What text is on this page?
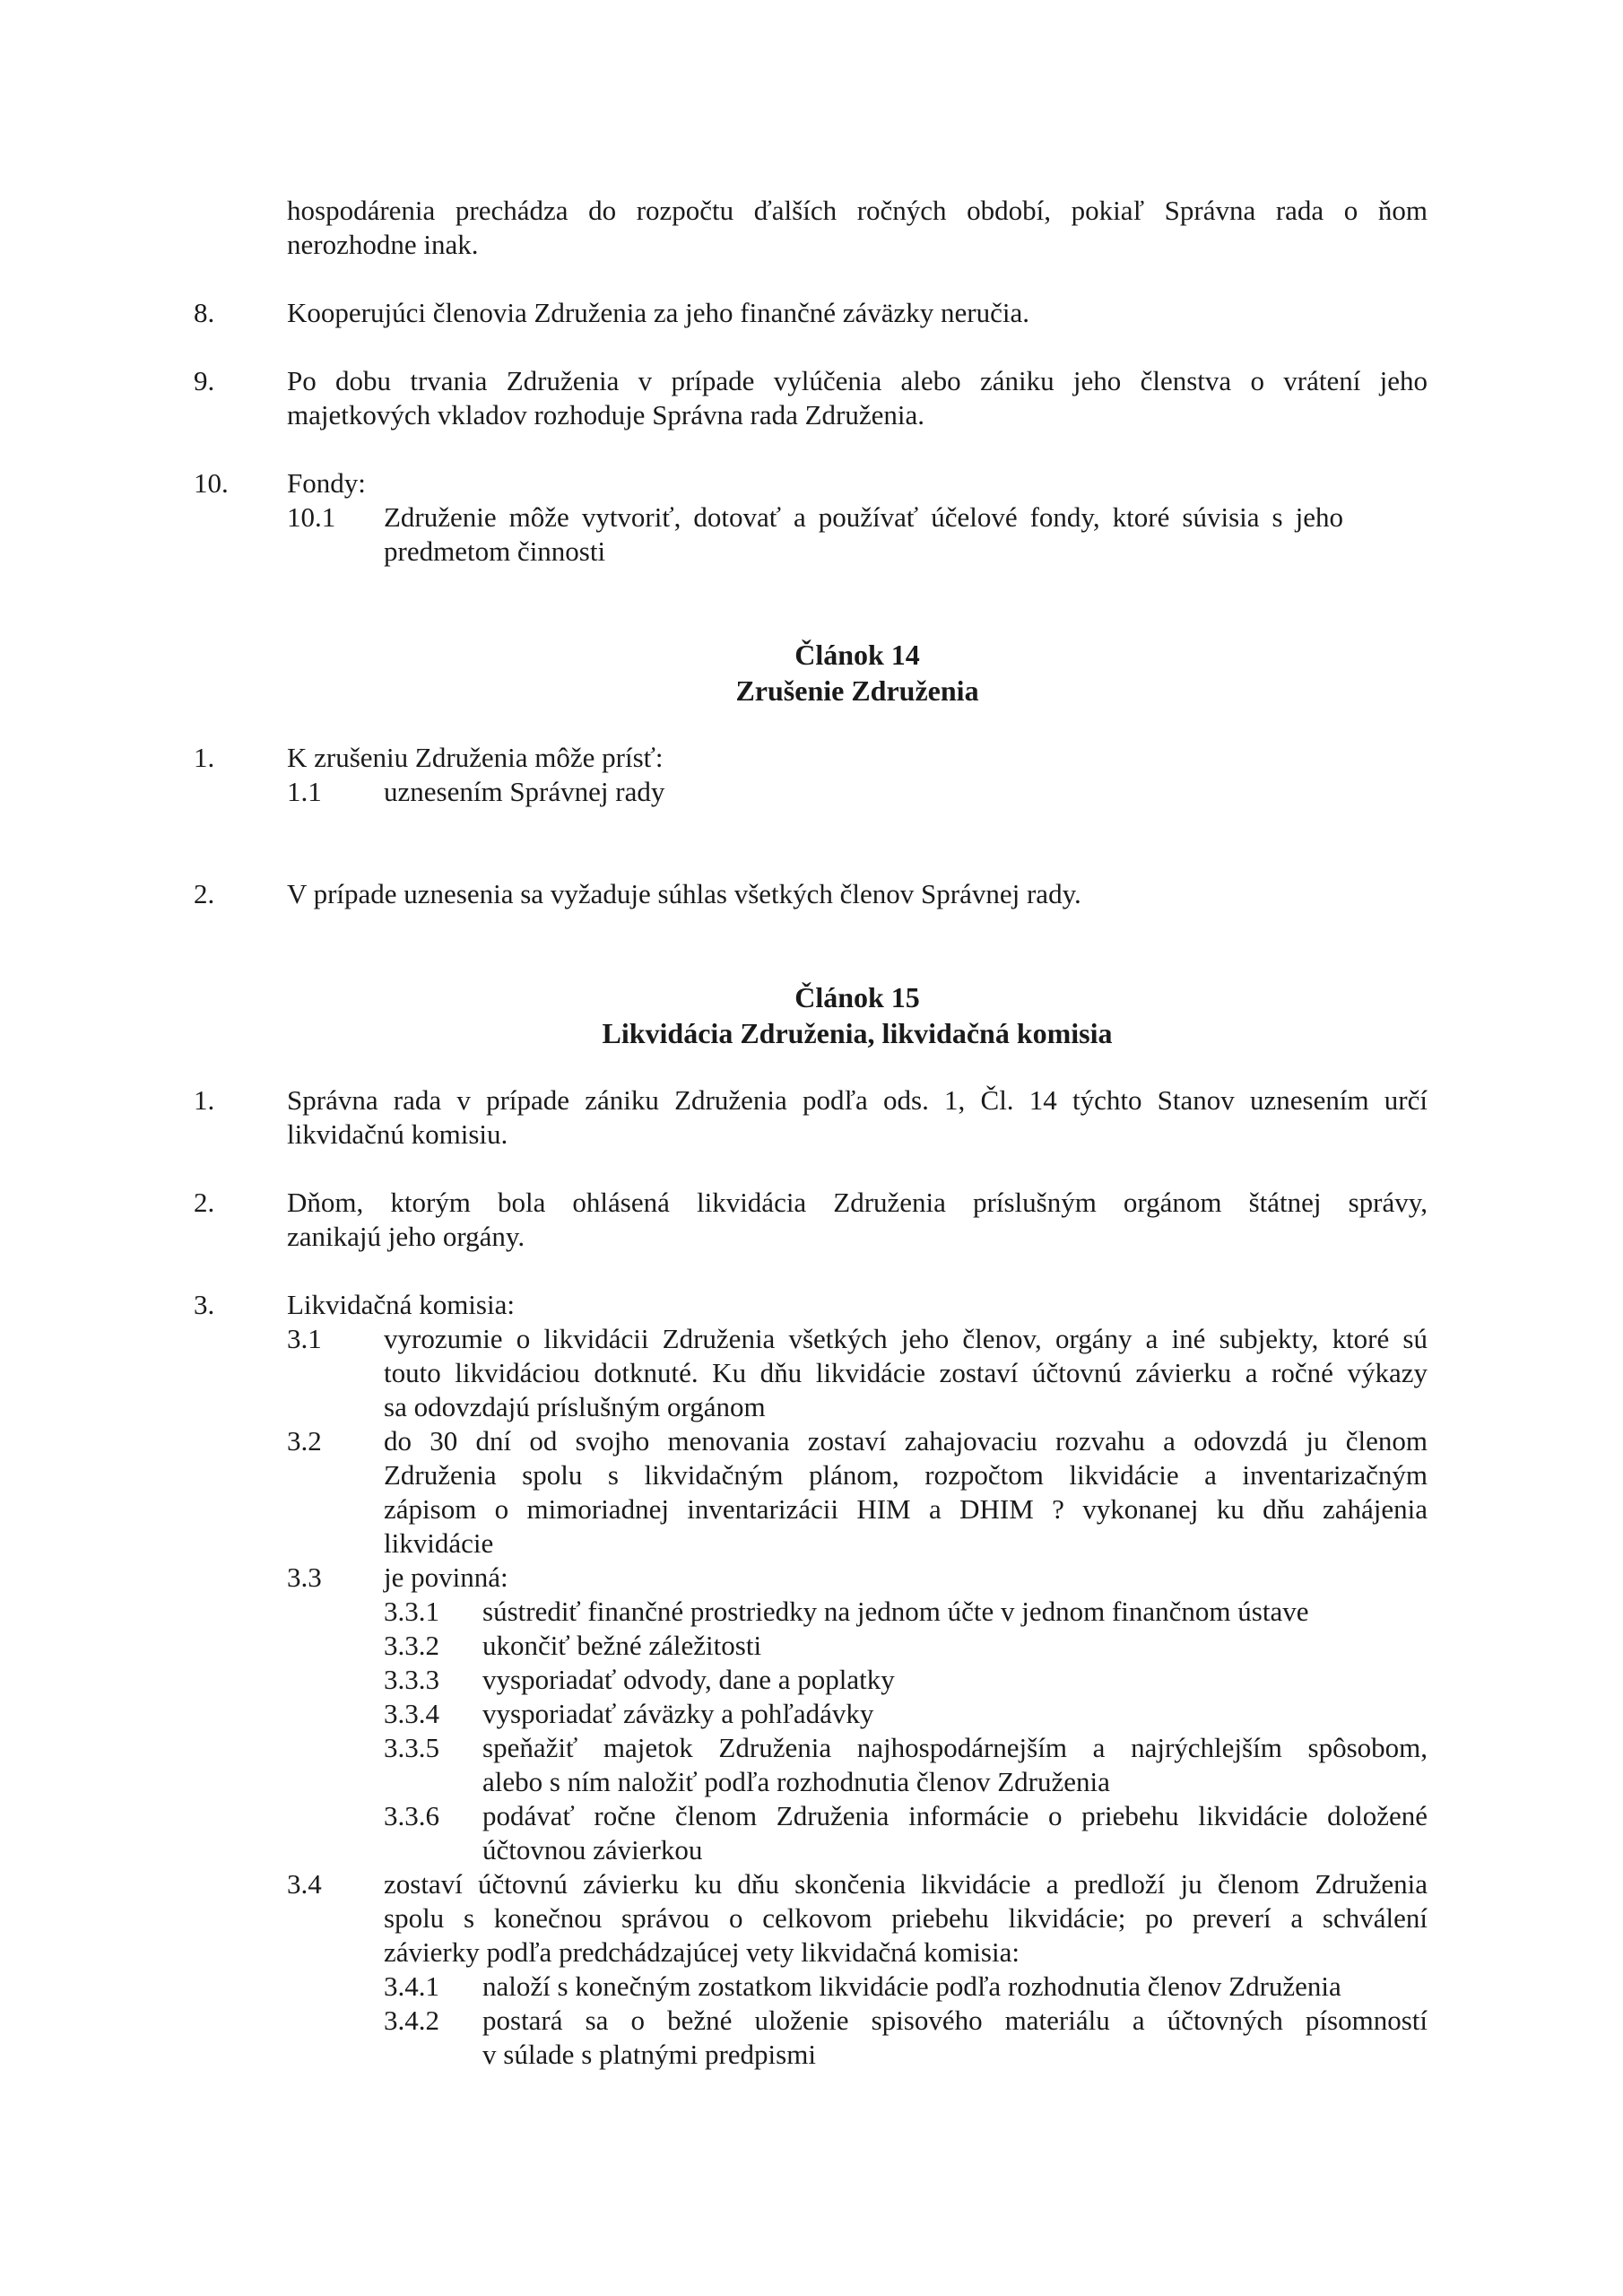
hospodárenia prechádza do rozpočtu ďalších ročných období, pokiaľ Správna rada o ňom
nerozhodne inak.
8.	Kooperujúci členovia Združenia za jeho finančné záväzky neručia.
9.	Po dobu trvania Združenia v prípade vylúčenia alebo zániku jeho členstva o vrátení jeho
majetkových vkladov rozhoduje Správna rada Združenia.
10.	Fondy:
10.1	Združenie môže vytvoriť, dotovať a používať účelové fondy, ktoré súvisia s jeho
predmetom činnosti
Článok 14
Zrušenie Združenia
1.	K zrušeniu Združenia môže prísť:
1.1	uznesením Správnej rady
2.	V prípade uznesenia sa vyžaduje súhlas všetkých členov Správnej rady.
Článok 15
Likvidácia Združenia, likvidačná komisia
1.	Správna rada v prípade zániku Združenia podľa ods. 1, Čl. 14 týchto Stanov uznesením určí
likvidačnú komisiu.
2.	Dňom, ktorým bola ohlásená likvidácia Združenia príslušným orgánom štátnej správy,
zanikajú jeho orgány.
3.	Likvidačná komisia:
3.1	vyrozumie o likvidácii Združenia všetkých jeho členov, orgány a iné subjekty, ktoré sú
touto likvidáciou dotknuté. Ku dňu likvidácie zostaví účtovnú závierku a ročné výkazy
sa odovzdajú príslušným orgánom
3.2	do 30 dní od svojho menovania zostaví zahajovaciu rozvahu a odovzdá ju členom
Združenia spolu s likvidačným plánom, rozpočtom likvidácie a inventarizačným
zápisom o mimoriadnej inventarizácii HIM a DHIM ? vykonanej ku dňu zahájenia
likvidácie
3.3	je povinná:
3.3.1	sústrediť finančné prostriedky na jednom účte v jednom finančnom ústave
3.3.2	ukončiť bežné záležitosti
3.3.3	vysporiadať odvody, dane a poplatky
3.3.4	vysporiadať záväzky a pohľadávky
3.3.5	speňažiť majetok Združenia najhospodárnejším a najrýchlejším spôsobom,
alebo s ním naložiť podľa rozhodnutia členov Združenia
3.3.6	podávať ročne členom Združenia informácie o priebehu likvidácie doložené
účtovnou závierkou
3.4	zostaví účtovnú závierku ku dňu skončenia likvidácie a predloží ju členom Združenia
spolu s konečnou správou o celkovom priebehu likvidácie; po preverí a schválení
závierky podľa predchádzajúcej vety likvidačná komisia:
3.4.1	naloží s konečným zostatkom likvidácie podľa rozhodnutia členov Združenia
3.4.2	postará sa o bežné uloženie spisového materiálu a účtovných písomností
v súlade s platnými predpismi
